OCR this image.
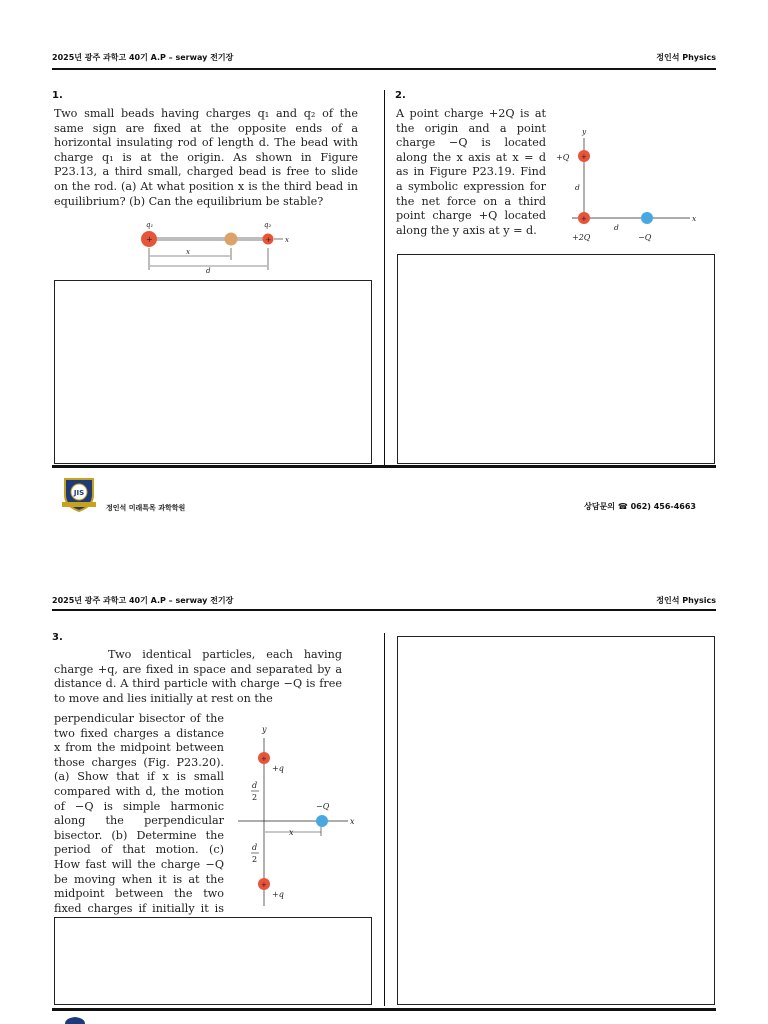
2025년 광주 과학고 40기 A.P – serway 전기장	정인석 Physics
1.
Two small beads having charges q₁ and q₂ of the same sign are fixed at the opposite ends of a horizontal insulating rod of length d. The bead with charge q₁ is at the origin. As shown in Figure P23.13, a third small, charged bead is free to slide on the rod. (a) At what position x is the third bead in equilibrium? (b) Can the equilibrium be stable?
q₁	q₂
+	+ x
x
d
2.
A point charge +2Q is at the origin and a point charge −Q is located along the x axis at x = d as in Figure P23.19. Find a symbolic expression for the net force on a third point charge +Q located along the y axis at y = d.
y
x
+
+Q
d
+
d
+2Q	−Q
JIS
정인석 미래특목 과학학원	상담문의 ☎ 062) 456-4663
2025년 광주 과학고 40기 A.P – serway 전기장	정인석 Physics
3.
Two identical particles, each having charge +q, are fixed in space and separated by a distance d. A third particle with charge −Q is free to move and lies initially at rest on the
perpendicular bisector of the two fixed charges a distance x from the midpoint between those charges (Fig. P23.20). (a) Show that if x is small compared with d, the motion of −Q is simple harmonic along the perpendicular bisector. (b) Determine the period of that motion. (c) How fast will the charge −Q be moving when it is at the midpoint between the two fixed charges if initially it is
y
x
+
+q
d
2
−Q
x
d
2
+
+q
